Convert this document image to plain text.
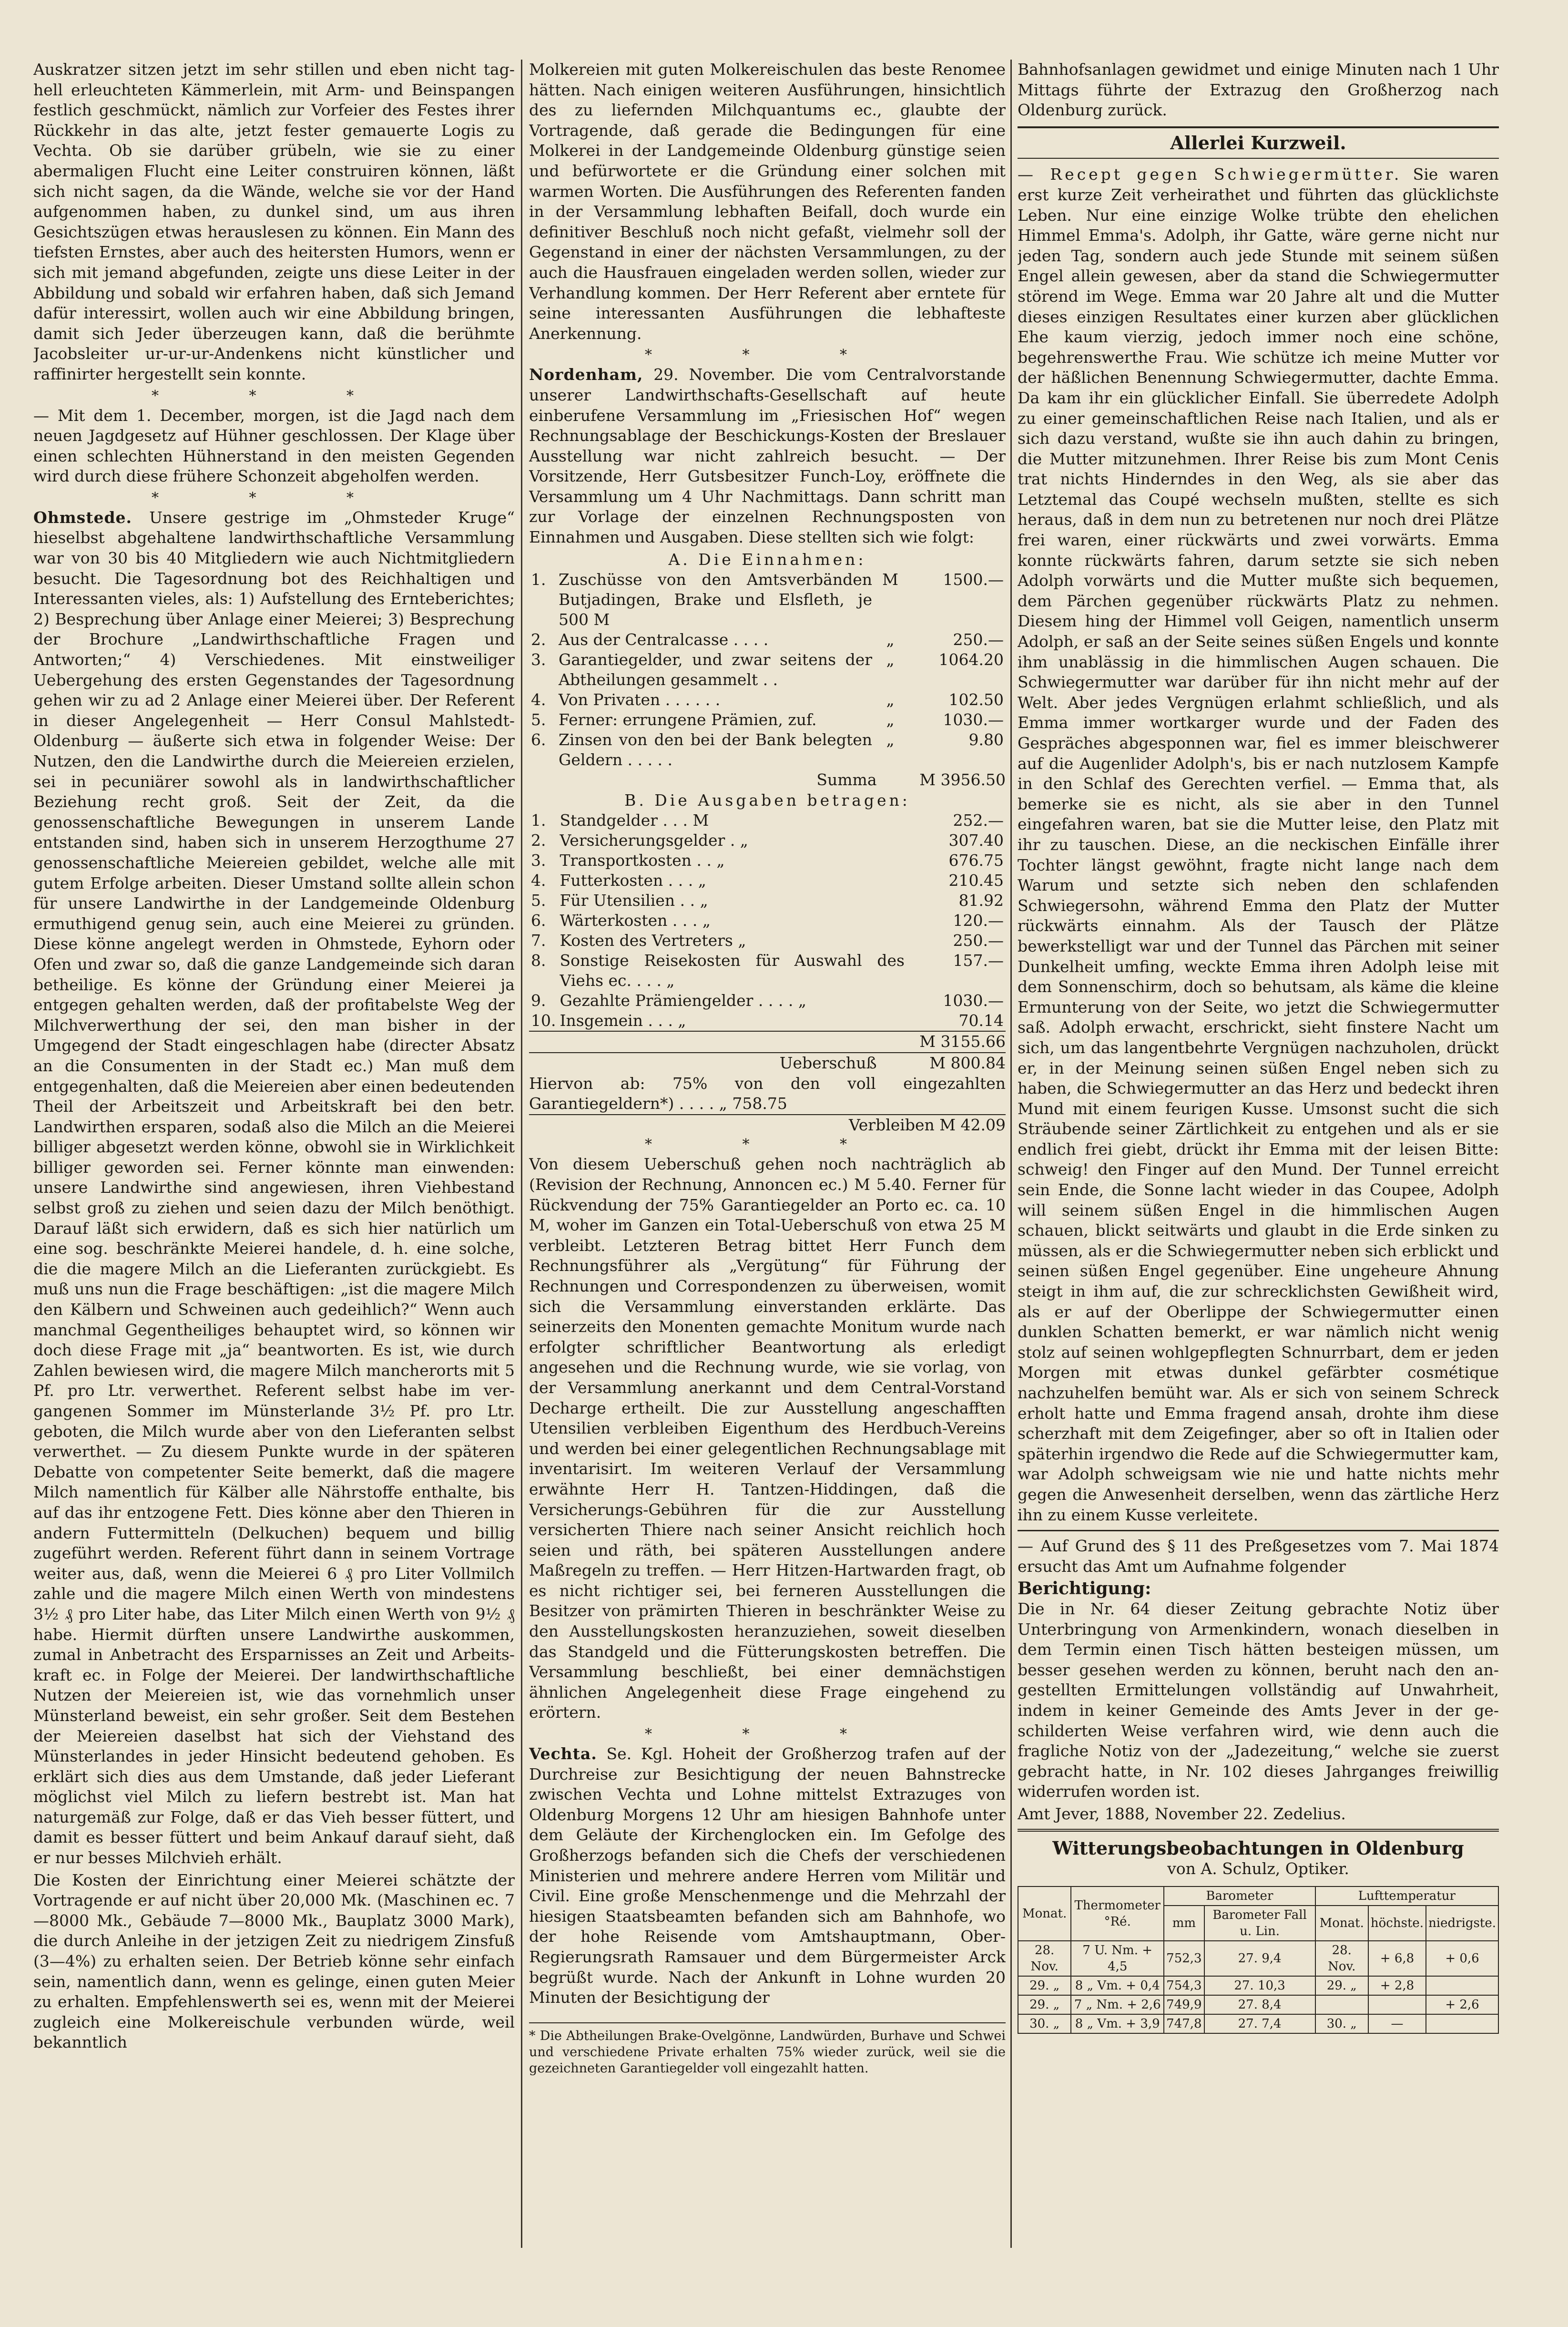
Auskratzer sitzen jetzt im sehr stillen und eben nicht taghell erleuchteten Kämmerlein, mit Arm- und Beinspangen festlich geschmückt, nämlich zur Vorfeier des Festes ihrer Rückkehr in das alte, jetzt fester gemauerte Logis zu Vechta. Ob sie darüber grübeln, wie sie zu einer abermaligen Flucht eine Leiter construiren können, läßt sich nicht sagen, da die Wände, welche sie vor der Hand aufgenommen haben, zu dunkel sind, um aus ihren Gesichtszügen etwas herauslesen zu können. Ein Mann des tiefsten Ernstes, aber auch des heitersten Humors, wenn er sich mit jemand abgefunden, zeigte uns diese Leiter in der Abbildung und sobald wir erfahren haben, daß sich Jemand dafür interessirt, wollen auch wir eine Abbildung bringen, damit sich Jeder überzeugen kann, daß die berühmte Jacobsleiter ur-ur-ur-Andenkens nicht künstlicher und raffinirter hergestellt sein konnte.

* * *

— Mit dem 1. December, morgen, ist die Jagd nach dem neuen Jagdgesetz auf Hühner geschlossen. Der Klage über einen schlechten Hühnerstand in den meisten Gegenden wird durch diese frühere Schonzeit abgeholfen werden.

* * *

Ohmstede. Unsere gestrige im „Ohmsteder Kruge“ hieselbst abgehaltene landwirthschaftliche Versammlung war von 30 bis 40 Mitgliedern wie auch Nichtmitgliedern besucht. Die Tagesordnung bot des Reichhaltigen und Interessanten vieles, als: 1) Aufstellung des Ernteberichtes; 2) Besprechung über Anlage einer Meierei; 3) Besprechung der Brochure „Landwirthschaftliche Fragen und Antworten;“ 4) Verschiedenes. Mit einstweiliger Uebergehung des ersten Gegenstandes der Tagesordnung gehen wir zu ad 2 Anlage einer Meierei über. Der Referent in dieser Angelegenheit — Herr Consul Mahlstedt-Oldenburg — äußerte sich etwa in folgender Weise: Der Nutzen, den die Landwirthe durch die Meiereien erzielen, sei in pecuniärer sowohl als in landwirthschaftlicher Beziehung recht groß. Seit der Zeit, da die genossenschaftliche Bewegungen in unserem Lande entstanden sind, haben sich in unserem Herzogthume 27 genossenschaftliche Meiereien gebildet, welche alle mit gutem Erfolge arbeiten. Dieser Umstand sollte allein schon für unsere Landwirthe in der Landgemeinde Oldenburg ermuthigend genug sein, auch eine Meierei zu gründen. Diese könne angelegt werden in Ohmstede, Eyhorn oder Ofen und zwar so, daß die ganze Landgemeinde sich daran betheilige. Es könne der Gründung einer Meierei ja entgegen gehalten werden, daß der profitabelste Weg der Milchverwerthung der sei, den man bisher in der Umgegend der Stadt eingeschlagen habe (directer Absatz an die Consumenten in der Stadt ec.) Man muß dem entgegenhalten, daß die Meiereien aber einen bedeutenden Theil der Arbeitszeit und Arbeitskraft bei den betr. Landwirthen ersparen, sodaß also die Milch an die Meierei billiger abgesetzt werden könne, obwohl sie in Wirklichkeit billiger geworden sei. Ferner könnte man einwenden: unsere Landwirthe sind angewiesen, ihren Viehbestand selbst groß zu ziehen und seien dazu der Milch benöthigt. Darauf läßt sich erwidern, daß es sich hier natürlich um eine sog. beschränkte Meierei handele, d. h. eine solche, die die magere Milch an die Lieferanten zurückgiebt. Es muß uns nun die Frage beschäftigen: „ist die magere Milch den Kälbern und Schweinen auch gedeihlich?“ Wenn auch manchmal Gegentheiliges behauptet wird, so können wir doch diese Frage mit „ja“ beantworten. Es ist, wie durch Zahlen bewiesen wird, die magere Milch mancherorts mit 5 Pf. pro Ltr. verwerthet. Referent selbst habe im vergangenen Sommer im Münsterlande 3½ Pf. pro Ltr. geboten, die Milch wurde aber von den Lieferanten selbst verwerthet. — Zu diesem Punkte wurde in der späteren Debatte von competenter Seite bemerkt, daß die magere Milch namentlich für Kälber alle Nährstoffe enthalte, bis auf das ihr entzogene Fett. Dies könne aber den Thieren in andern Futtermitteln (Delkuchen) bequem und billig zugeführt werden. Referent führt dann in seinem Vortrage weiter aus, daß, wenn die Meierei 6 ₰ pro Liter Vollmilch zahle und die magere Milch einen Werth von mindestens 3½ ₰ pro Liter habe, das Liter Milch einen Werth von 9½ ₰ habe. Hiermit dürften unsere Landwirthe auskommen, zumal in Anbetracht des Ersparnisses an Zeit und Arbeitskraft ec. in Folge der Meierei. Der landwirthschaftliche Nutzen der Meiereien ist, wie das vornehmlich unser Münsterland beweist, ein sehr großer. Seit dem Bestehen der Meiereien daselbst hat sich der Viehstand des Münsterlandes in jeder Hinsicht bedeutend gehoben. Es erklärt sich dies aus dem Umstande, daß jeder Lieferant möglichst viel Milch zu liefern bestrebt ist. Man hat naturgemäß zur Folge, daß er das Vieh besser füttert, und damit es besser füttert und beim Ankauf darauf sieht, daß er nur besses Milchvieh erhält.

Die Kosten der Einrichtung einer Meierei schätzte der Vortragende er auf nicht über 20,000 Mk. (Maschinen ec. 7—8000 Mk., Gebäude 7—8000 Mk., Bauplatz 3000 Mark), die durch Anleihe in der jetzigen Zeit zu niedrigem Zinsfuß (3—4%) zu erhalten seien. Der Betrieb könne sehr einfach sein, namentlich dann, wenn es gelinge, einen guten Meier zu erhalten. Empfehlenswerth sei es, wenn mit der Meierei zugleich eine Molkereischule verbunden würde, weil bekanntlich

Molkereien mit guten Molkereischulen das beste Renomee hätten. Nach einigen weiteren Ausführungen, hinsichtlich des zu liefernden Milchquantums ec., glaubte der Vortragende, daß gerade die Bedingungen für eine Molkerei in der Landgemeinde Oldenburg günstige seien und befürwortete er die Gründung einer solchen mit warmen Worten. Die Ausführungen des Referenten fanden in der Versammlung lebhaften Beifall, doch wurde ein definitiver Beschluß noch nicht gefaßt, vielmehr soll der Gegenstand in einer der nächsten Versammlungen, zu der auch die Hausfrauen eingeladen werden sollen, wieder zur Verhandlung kommen. Der Herr Referent aber erntete für seine interessanten Ausführungen die lebhafteste Anerkennung.

* * *

Nordenham, 29. November. Die vom Centralvorstande unserer Landwirthschafts-Gesellschaft auf heute einberufene Versammlung im „Friesischen Hof“ wegen Rechnungsablage der Beschickungs-Kosten der Breslauer Ausstellung war nicht zahlreich besucht. — Der Vorsitzende, Herr Gutsbesitzer Funch-Loy, eröffnete die Versammlung um 4 Uhr Nachmittags. Dann schritt man zur Vorlage der einzelnen Rechnungsposten von Einnahmen und Ausgaben. Diese stellten sich wie folgt:

A. Die Einnahmen:
1.	Zuschüsse von den Amtsverbänden Butjadingen, Brake und Elsfleth, je 500 M	M	1500.—
2.	Aus der Centralcasse . . . .	„	250.—
3.	Garantiegelder, und zwar seitens der Abtheilungen gesammelt . .	„	1064.20
4.	Von Privaten . . . . . .	„	102.50
5.	Ferner: errungene Prämien, zuf.	„	1030.—
6.	Zinsen von den bei der Bank belegten Geldern . . . . .	„	9.80
Summa	M 3956.50
B. Die Ausgaben betragen:
1.	Standgelder . . . M	252.—
2.	Versicherungsgelder . „	307.40
3.	Transportkosten . . „	676.75
4.	Futterkosten . . . „	210.45
5.	Für Utensilien . . „	81.92
6.	Wärterkosten . . . „	120.—
7.	Kosten des Vertreters „	250.—
8.	Sonstige Reisekosten für Auswahl des Viehs ec. . . . „	157.—
9.	Gezahlte Prämiengelder . . . . „	1030.—
10.	Insgemein . . . „	70.14
M 3155.66
Ueberschuß	M 800.84
Hiervon ab: 75% von den voll eingezahlten Garantiegeldern*) . . . . „ 758.75
Verbleiben M 42.09
* * *

Von diesem Ueberschuß gehen noch nachträglich ab (Revision der Rechnung, Annoncen ec.) M 5.40. Ferner für Rückvendung der 75% Garantiegelder an Porto ec. ca. 10 M, woher im Ganzen ein Total-Ueberschuß von etwa 25 M verbleibt. Letzteren Betrag bittet Herr Funch dem Rechnungsführer als „Vergütung“ für Führung der Rechnungen und Correspondenzen zu überweisen, womit sich die Versammlung einverstanden erklärte. Das seinerzeits den Monenten gemachte Monitum wurde nach erfolgter schriftlicher Beantwortung als erledigt angesehen und die Rechnung wurde, wie sie vorlag, von der Versammlung anerkannt und dem Central-Vorstand Decharge ertheilt. Die zur Ausstellung angeschafften Utensilien verbleiben Eigenthum des Herdbuch-Vereins und werden bei einer gelegentlichen Rechnungsablage mit inventarisirt. Im weiteren Verlauf der Versammlung erwähnte Herr H. Tantzen-Hiddingen, daß die Versicherungs-Gebühren für die zur Ausstellung versicherten Thiere nach seiner Ansicht reichlich hoch seien und räth, bei späteren Ausstellungen andere Maßregeln zu treffen. — Herr Hitzen-Hartwarden fragt, ob es nicht richtiger sei, bei ferneren Ausstellungen die Besitzer von prämirten Thieren in beschränkter Weise zu den Ausstellungskosten heranzuziehen, soweit dieselben das Standgeld und die Fütterungskosten betreffen. Die Versammlung beschließt, bei einer demnächstigen ähnlichen Angelegenheit diese Frage eingehend zu erörtern.

* * *

Vechta. Se. Kgl. Hoheit der Großherzog trafen auf der Durchreise zur Besichtigung der neuen Bahnstrecke zwischen Vechta und Lohne mittelst Extrazuges von Oldenburg Morgens 12 Uhr am hiesigen Bahnhofe unter dem Geläute der Kirchenglocken ein. Im Gefolge des Großherzogs befanden sich die Chefs der verschiedenen Ministerien und mehrere andere Herren vom Militär und Civil. Eine große Menschenmenge und die Mehrzahl der hiesigen Staatsbeamten befanden sich am Bahnhofe, wo der hohe Reisende vom Amtshauptmann, Ober-Regierungsrath Ramsauer und dem Bürgermeister Arck begrüßt wurde. Nach der Ankunft in Lohne wurden 20 Minuten der Besichtigung der

* Die Abtheilungen Brake-Ovelgönne, Landwürden, Burhave und Schwei und verschiedene Private erhalten 75% wieder zurück, weil sie die gezeichneten Garantiegelder voll eingezahlt hatten.

Bahnhofsanlagen gewidmet und einige Minuten nach 1 Uhr Mittags führte der Extrazug den Großherzog nach Oldenburg zurück.

Allerlei Kurzweil.

— Recept gegen Schwiegermütter. Sie waren erst kurze Zeit verheirathet und führten das glücklichste Leben. Nur eine einzige Wolke trübte den ehelichen Himmel Emma's. Adolph, ihr Gatte, wäre gerne nicht nur jeden Tag, sondern auch jede Stunde mit seinem süßen Engel allein gewesen, aber da stand die Schwiegermutter störend im Wege. Emma war 20 Jahre alt und die Mutter dieses einzigen Resultates einer kurzen aber glücklichen Ehe kaum vierzig, jedoch immer noch eine schöne, begehrenswerthe Frau. Wie schütze ich meine Mutter vor der häßlichen Benennung Schwiegermutter, dachte Emma. Da kam ihr ein glücklicher Einfall. Sie überredete Adolph zu einer gemeinschaftlichen Reise nach Italien, und als er sich dazu verstand, wußte sie ihn auch dahin zu bringen, die Mutter mitzunehmen. Ihrer Reise bis zum Mont Cenis trat nichts Hinderndes in den Weg, als sie aber das Letztemal das Coupé wechseln mußten, stellte es sich heraus, daß in dem nun zu betretenen nur noch drei Plätze frei waren, einer rückwärts und zwei vorwärts. Emma konnte rückwärts fahren, darum setzte sie sich neben Adolph vorwärts und die Mutter mußte sich bequemen, dem Pärchen gegenüber rückwärts Platz zu nehmen. Diesem hing der Himmel voll Geigen, namentlich unserm Adolph, er saß an der Seite seines süßen Engels und konnte ihm unablässig in die himmlischen Augen schauen. Die Schwiegermutter war darüber für ihn nicht mehr auf der Welt. Aber jedes Vergnügen erlahmt schließlich, und als Emma immer wortkarger wurde und der Faden des Gespräches abgesponnen war, fiel es immer bleischwerer auf die Augenlider Adolph's, bis er nach nutzlosem Kampfe in den Schlaf des Gerechten verfiel. — Emma that, als bemerke sie es nicht, als sie aber in den Tunnel eingefahren waren, bat sie die Mutter leise, den Platz mit ihr zu tauschen. Diese, an die neckischen Einfälle ihrer Tochter längst gewöhnt, fragte nicht lange nach dem Warum und setzte sich neben den schlafenden Schwiegersohn, während Emma den Platz der Mutter rückwärts einnahm. Als der Tausch der Plätze bewerkstelligt war und der Tunnel das Pärchen mit seiner Dunkelheit umfing, weckte Emma ihren Adolph leise mit dem Sonnenschirm, doch so behutsam, als käme die kleine Ermunterung von der Seite, wo jetzt die Schwiegermutter saß. Adolph erwacht, erschrickt, sieht finstere Nacht um sich, um das langentbehrte Vergnügen nachzuholen, drückt er, in der Meinung seinen süßen Engel neben sich zu haben, die Schwiegermutter an das Herz und bedeckt ihren Mund mit einem feurigen Kusse. Umsonst sucht die sich Sträubende seiner Zärtlichkeit zu entgehen und als er sie endlich frei giebt, drückt ihr Emma mit der leisen Bitte: schweig! den Finger auf den Mund. Der Tunnel erreicht sein Ende, die Sonne lacht wieder in das Coupee, Adolph will seinem süßen Engel in die himmlischen Augen schauen, blickt seitwärts und glaubt in die Erde sinken zu müssen, als er die Schwiegermutter neben sich erblickt und seinen süßen Engel gegenüber. Eine ungeheure Ahnung steigt in ihm auf, die zur schrecklichsten Gewißheit wird, als er auf der Oberlippe der Schwiegermutter einen dunklen Schatten bemerkt, er war nämlich nicht wenig stolz auf seinen wohlgepflegten Schnurrbart, dem er jeden Morgen mit etwas dunkel gefärbter cosmétique nachzuhelfen bemüht war. Als er sich von seinem Schreck erholt hatte und Emma fragend ansah, drohte ihm diese scherzhaft mit dem Zeigefinger, aber so oft in Italien oder späterhin irgendwo die Rede auf die Schwiegermutter kam, war Adolph schweigsam wie nie und hatte nichts mehr gegen die Anwesenheit derselben, wenn das zärtliche Herz ihn zu einem Kusse verleitete.

— Auf Grund des § 11 des Preßgesetzes vom 7. Mai 1874 ersucht das Amt um Aufnahme folgender

Berichtigung:

Die in Nr. 64 dieser Zeitung gebrachte Notiz über Unterbringung von Armenkindern, wonach dieselben in dem Termin einen Tisch hätten besteigen müssen, um besser gesehen werden zu können, beruht nach den angestellten Ermittelungen vollständig auf Unwahrheit, indem in keiner Gemeinde des Amts Jever in der geschilderten Weise verfahren wird, wie denn auch die fragliche Notiz von der „Jadezeitung,“ welche sie zuerst gebracht hatte, in Nr. 102 dieses Jahrganges freiwillig widerrufen worden ist.

Amt Jever, 1888, November 22. Zedelius.

Witterungsbeobachtungen in Oldenburg
von A. Schulz, Optiker.
Monat.	Thermometer °Ré.	Barometer		Lufttemperatur		
		mm	Barometer Fall u. Lin.	Monat.	höchste.	niedrigste.
28. Nov.	7 U. Nm. + 4,5	752,3	27. 9,4	28. Nov.	+ 6,8	+ 0,6
29. „	8 „ Vm. + 0,4	754,3	27. 10,3	29. „	+ 2,8	
29. „	7 „ Nm. + 2,6	749,9	27. 8,4			+ 2,6
30. „	8 „ Vm. + 3,9	747,8	27. 7,4	30. „	—	
